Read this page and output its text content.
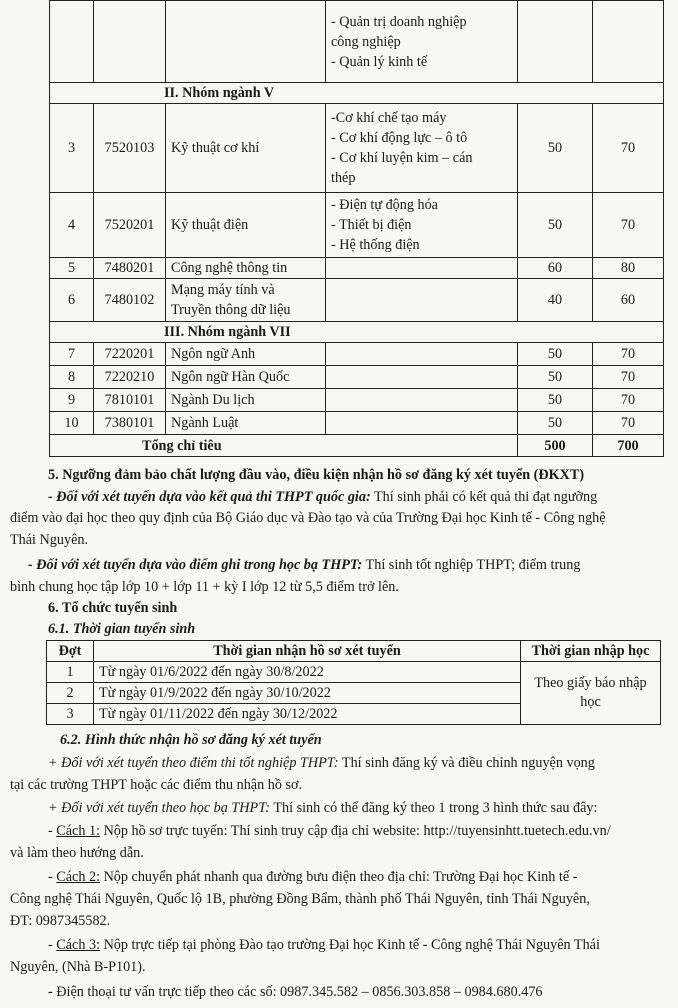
			- Quản trị doanh nghiệp
công nghiệp
- Quản lý kinh tế		
II. Nhóm ngành V					
3	7520103	Kỹ thuật cơ khí	-Cơ khí chế tạo máy
- Cơ khí động lực – ô tô
- Cơ khí luyện kim – cán
thép	50	70
4	7520201	Kỹ thuật điện	- Điện tự động hóa
- Thiết bị điện
- Hệ thống điện	50	70
5	7480201	Công nghệ thông tin		60	80
6	7480102	Mạng máy tính và
Truyền thông dữ liệu		40	60
III. Nhóm ngành VII					
7	7220201	Ngôn ngữ Anh		50	70
8	7220210	Ngôn ngữ Hàn Quốc		50	70
9	7810101	Ngành Du lịch		50	70
10	7380101	Ngành Luật		50	70
Tổng chỉ tiêu				500	700
5. Ngưỡng đảm bảo chất lượng đầu vào, điều kiện nhận hồ sơ đăng ký xét tuyển (ĐKXT)
- Đối với xét tuyển dựa vào kết quả thi THPT quốc gia: Thí sinh phải có kết quả thi đạt ngưỡng
điểm vào đại học theo quy định của Bộ Giáo dục và Đào tạo và của Trường Đại học Kinh tế - Công nghệ
Thái Nguyên.
- Đối với xét tuyển dựa vào điểm ghi trong học bạ THPT: Thí sinh tốt nghiệp THPT; điểm trung
bình chung học tập lớp 10 + lớp 11 + kỳ I lớp 12 từ 5,5 điểm trở lên.
6. Tổ chức tuyển sinh
6.1. Thời gian tuyển sinh
Đợt	Thời gian nhận hồ sơ xét tuyển	Thời gian nhập học
1	Từ ngày 01/6/2022 đến ngày 30/8/2022	Theo giấy báo nhập học
2	Từ ngày 01/9/2022 đến ngày 30/10/2022	
3	Từ ngày 01/11/2022 đến ngày 30/12/2022	
6.2. Hình thức nhận hồ sơ đăng ký xét tuyển
+ Đối với xét tuyển theo điểm thi tốt nghiệp THPT: Thí sinh đăng ký và điều chỉnh nguyện vọng
tại các trường THPT hoặc các điểm thu nhận hồ sơ.
+ Đối với xét tuyển theo học bạ THPT: Thí sinh có thể đăng ký theo 1 trong 3 hình thức sau đây:
- Cách 1: Nộp hồ sơ trực tuyến: Thí sinh truy cập địa chỉ website: http://tuyensinhtt.tuetech.edu.vn/
và làm theo hướng dẫn.
- Cách 2: Nộp chuyển phát nhanh qua đường bưu điện theo địa chỉ: Trường Đại học Kinh tế -
Công nghệ Thái Nguyên, Quốc lộ 1B, phường Đồng Bẩm, thành phố Thái Nguyên, tỉnh Thái Nguyên,
ĐT: 0987345582.
- Cách 3: Nộp trực tiếp tại phòng Đào tạo trường Đại học Kinh tế - Công nghệ Thái Nguyên Thái
Nguyên, (Nhà B-P101).
- Điện thoại tư vấn trực tiếp theo các số: 0987.345.582 – 0856.303.858 – 0984.680.476
